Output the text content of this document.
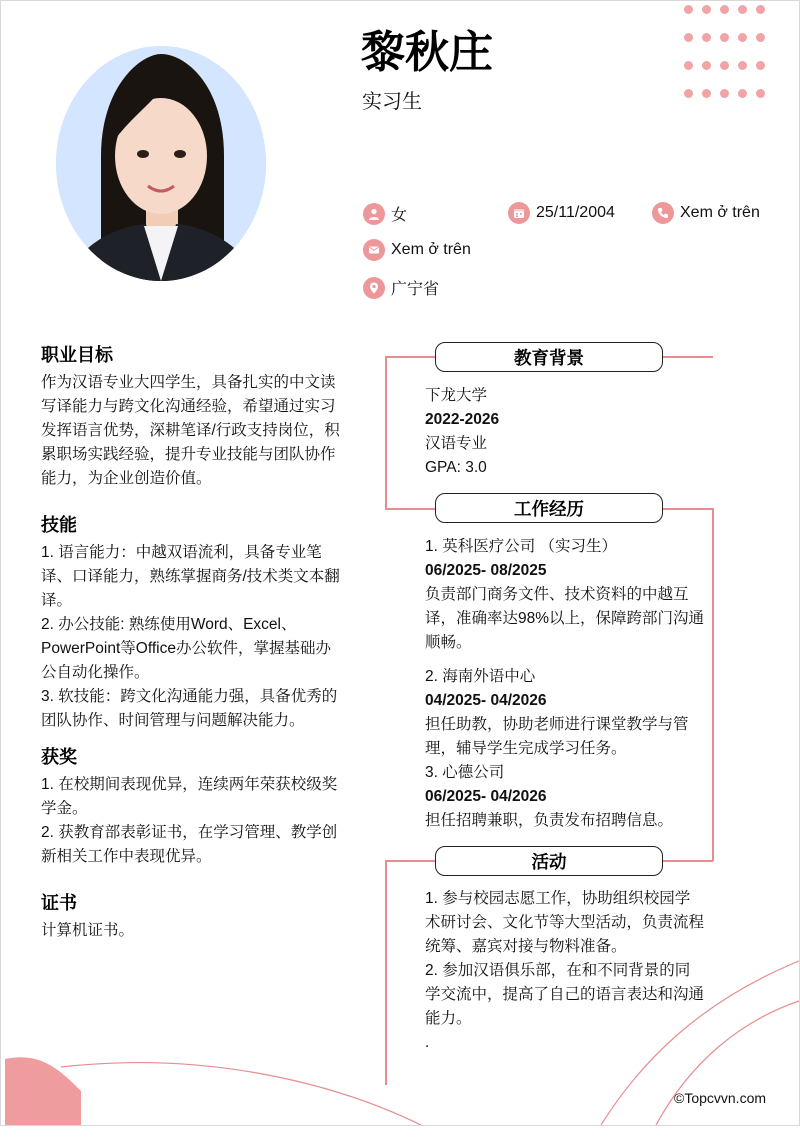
黎秋庄
实习生
女	25/11/2004	Xem ở trên
Xem ở trên
广宁省
职业目标

作为汉语专业大四学生，具备扎实的中文读写译能力与跨文化沟通经验，希望通过实习发挥语言优势，深耕笔译/行政支持岗位，积累职场实践经验，提升专业技能与团队协作能力，为企业创造价值。

技能

1. 语言能力：中越双语流利，具备专业笔译、口译能力，熟练掌握商务/技术类文本翻译。

2. 办公技能: 熟练使用Word、Excel、PowerPoint等Office办公软件，掌握基础办公自动化操作。

3. 软技能：跨文化沟通能力强，具备优秀的团队协作、时间管理与问题解决能力。

获奖

1. 在校期间表现优异，连续两年荣获校级奖学金。

2. 获教育部表彰证书，在学习管理、教学创新相关工作中表现优异。

证书

计算机证书。

教育背景

下龙大学

2022-2026

汉语专业

GPA: 3.0

工作经历

1. 英科医疗公司 （实习生）

06/2025- 08/2025

负责部门商务文件、技术资料的中越互译，准确率达98%以上，保障跨部门沟通顺畅。

2. 海南外语中心

04/2025- 04/2026

担任助教，协助老师进行课堂教学与管理，辅导学生完成学习任务。

3. 心德公司

06/2025- 04/2026

担任招聘兼职，负责发布招聘信息。

活动

1. 参与校园志愿工作，协助组织校园学术研讨会、文化节等大型活动，负责流程统筹、嘉宾对接与物料准备。

2. 参加汉语俱乐部，在和不同背景的同学交流中，提高了自己的语言表达和沟通能力。

.

©Topcvvn.com
